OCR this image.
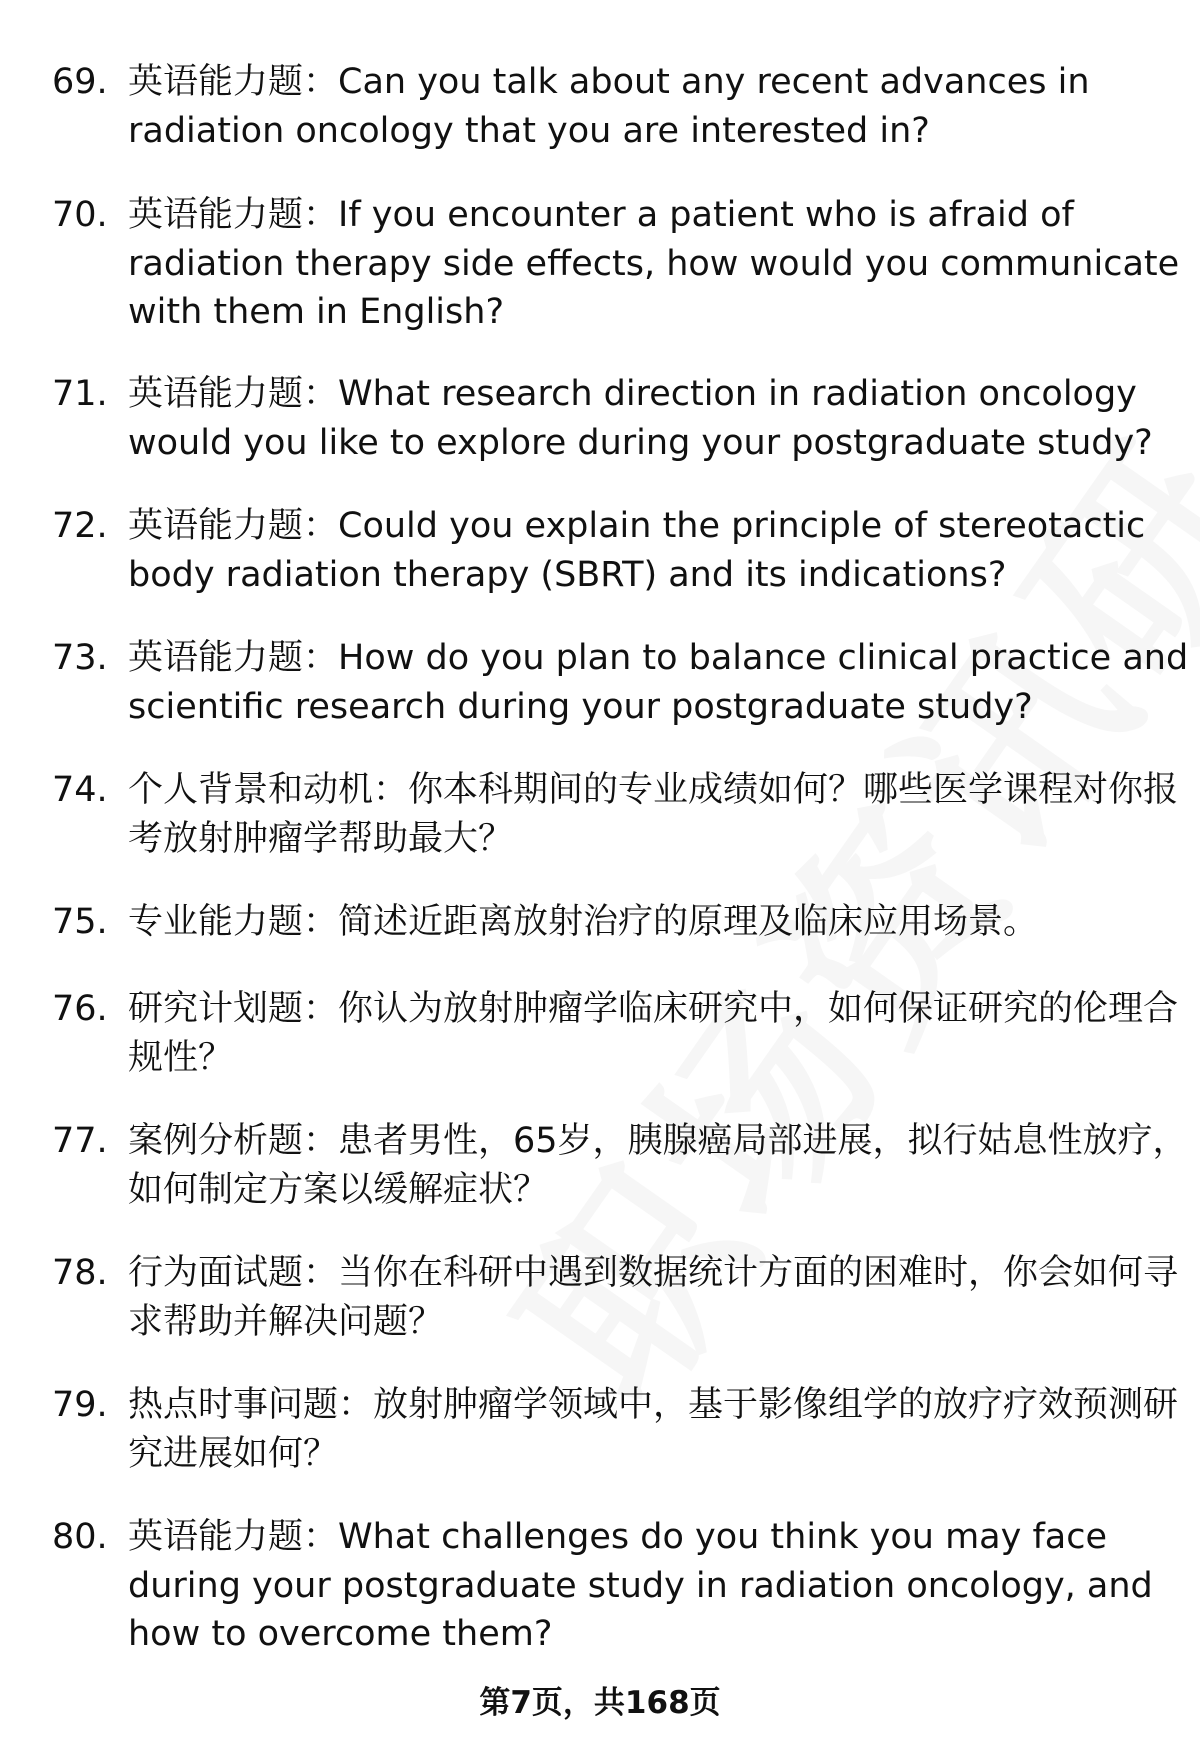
69. 英语能力题：Can you talk about any recent advances in radiation oncology that you are interested in?
70. 英语能力题：If you encounter a patient who is afraid of radiation therapy side effects, how would you communicate with them in English?
71. 英语能力题：What research direction in radiation oncology would you like to explore during your postgraduate study?
72. 英语能力题：Could you explain the principle of stereotactic body radiation therapy (SBRT) and its indications?
73. 英语能力题：How do you plan to balance clinical practice and scientific research during your postgraduate study?
74. 个人背景和动机：你本科期间的专业成绩如何？哪些医学课程对你报考放射肿瘤学帮助最大？
75. 专业能力题：简述近距离放射治疗的原理及临床应用场景。
76. 研究计划题：你认为放射肿瘤学临床研究中，如何保证研究的伦理合规性？
77. 案例分析题：患者男性，65岁，胰腺癌局部进展，拟行姑息性放疗，如何制定方案以缓解症状？
78. 行为面试题：当你在科研中遇到数据统计方面的困难时，你会如何寻求帮助并解决问题？
79. 热点时事问题：放射肿瘤学领域中，基于影像组学的放疗疗效预测研究进展如何？
80. 英语能力题：What challenges do you think you may face during your postgraduate study in radiation oncology, and how to overcome them?
第7页，共168页
